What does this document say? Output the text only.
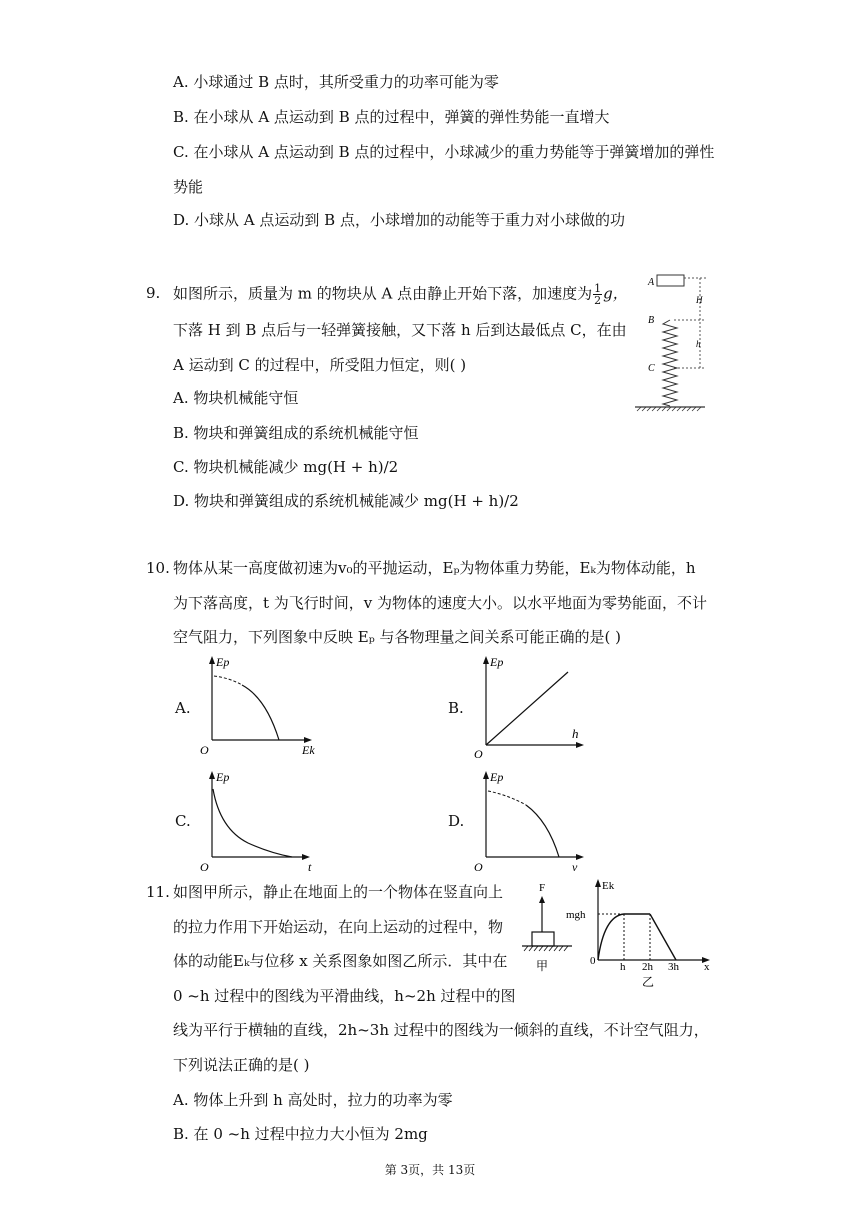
A. 小球通过 B 点时，其所受重力的功率可能为零
B. 在小球从 A 点运动到 B 点的过程中，弹簧的弹性势能一直增大
C. 在小球从 A 点运动到 B 点的过程中，小球减少的重力势能等于弹簧增加的弹性
势能
D. 小球从 A 点运动到 B 点，小球增加的动能等于重力对小球做的功
9. 如图所示，质量为 m 的物块从 A 点由静止开始下落，加速度为 $\frac{1}{2}$ g，
下落 H 到 B 点后与一轻弹簧接触，又下落 h 后到达最低点 C，在由
A 运动到 C 的过程中，所受阻力恒定，则( )
A. 物块机械能守恒
B. 物块和弹簧组成的系统机械能守恒
C. 物块机械能减少 mg(H + h)/2
D. 物块和弹簧组成的系统机械能减少 mg(H + h)/2
A
H
h
B
C
10. 物体从某一高度做初速为v₀的平抛运动，Eₚ为物体重力势能，Eₖ为物体动能，h
为下落高度，t 为飞行时间，v 为物体的速度大小。以水平地面为零势能面，不计
空气阻力，下列图象中反映 Eₚ 与各物理量之间关系可能正确的是( )
A.
Ep
O	Ek
B.
Ep
O
h
C.
Ep
O	t
D.
Ep
O	v
11. 如图甲所示，静止在地面上的一个物体在竖直向上
的拉力作用下开始运动，在向上运动的过程中，物
体的动能Eₖ与位移 x 关系图象如图乙所示．其中在
0 ~h 过程中的图线为平滑曲线，h~2h 过程中的图
线为平行于横轴的直线，2h~3h 过程中的图线为一倾斜的直线，不计空气阻力，
下列说法正确的是( )
A. 物体上升到 h 高处时，拉力的功率为零
B. 在 0 ~h 过程中拉力大小恒为 2mg
F
甲
Ek
mgh
0 h 2h 3h x
乙
第 3页，共 13页
